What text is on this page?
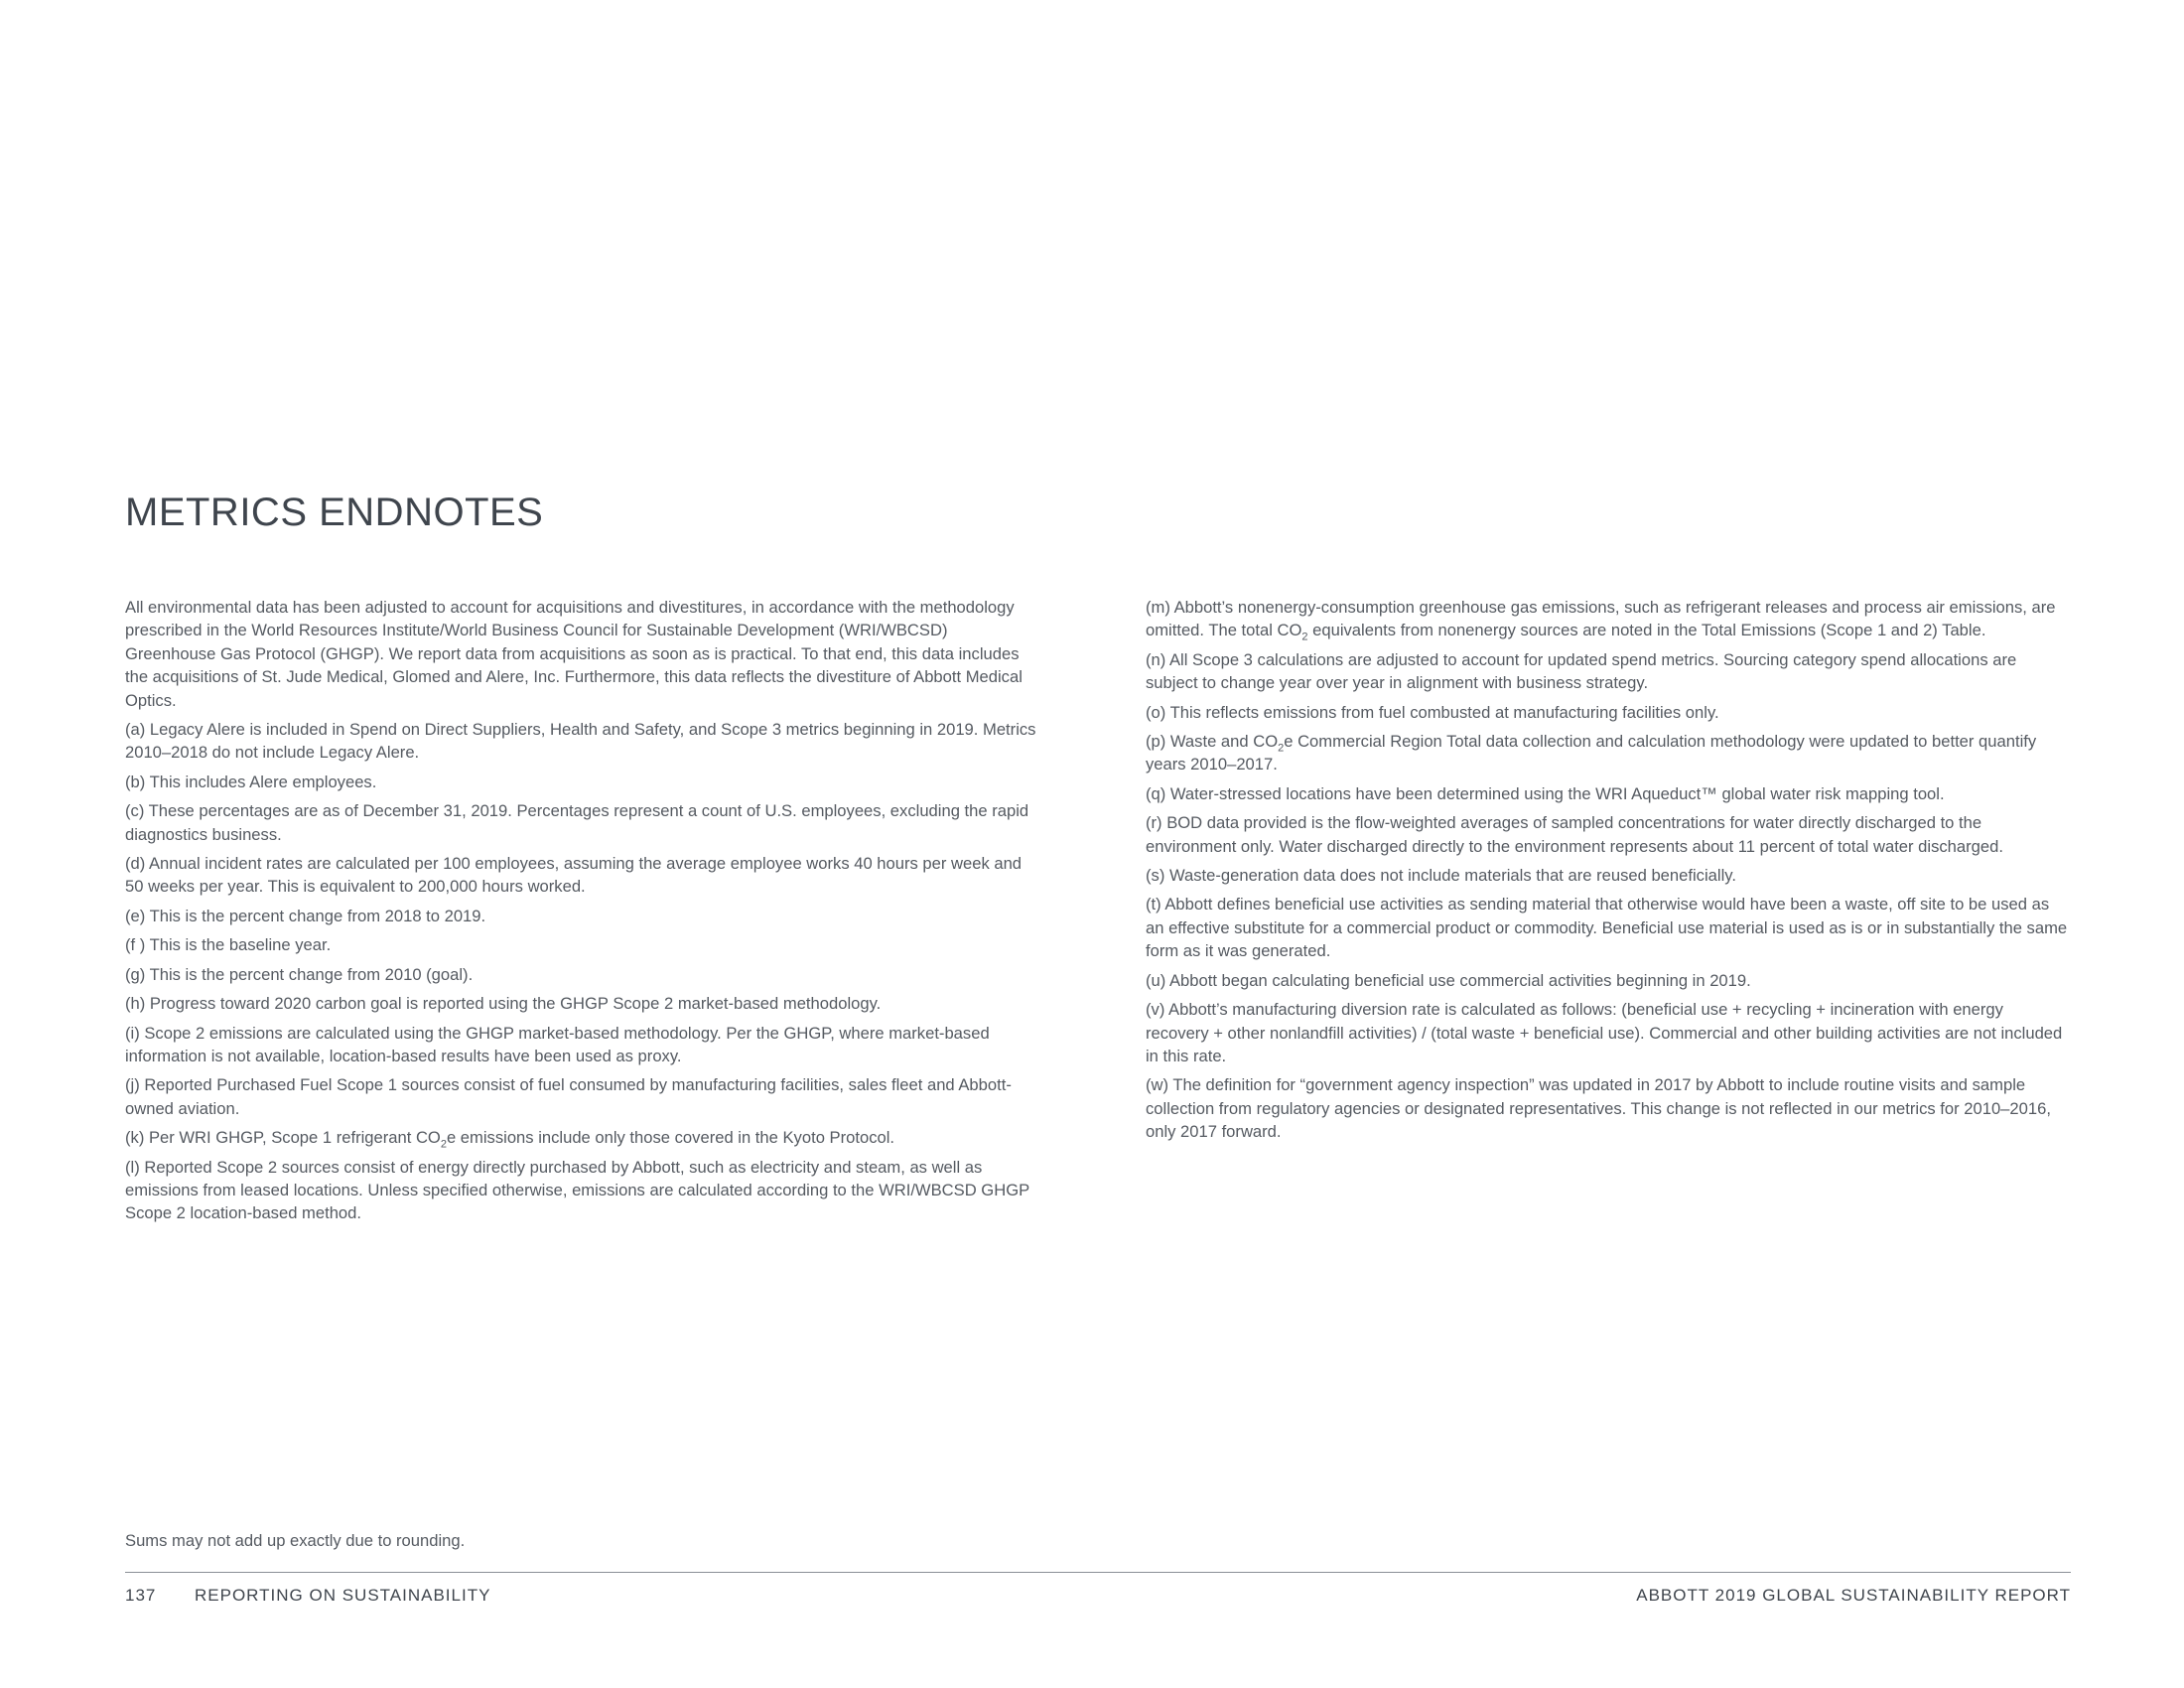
METRICS ENDNOTES

All environmental data has been adjusted to account for acquisitions and divestitures, in accordance with the methodology prescribed in the World Resources Institute/World Business Council for Sustainable Development (WRI/WBCSD) Greenhouse Gas Protocol (GHGP). We report data from acquisitions as soon as is practical. To that end, this data includes the acquisitions of St. Jude Medical, Glomed and Alere, Inc. Furthermore, this data reflects the divestiture of Abbott Medical Optics.

(a) Legacy Alere is included in Spend on Direct Suppliers, Health and Safety, and Scope 3 metrics beginning in 2019. Metrics 2010–2018 do not include Legacy Alere.

(b) This includes Alere employees.

(c) These percentages are as of December 31, 2019. Percentages represent a count of U.S. employees, excluding the rapid diagnostics business.

(d) Annual incident rates are calculated per 100 employees, assuming the average employee works 40 hours per week and 50 weeks per year. This is equivalent to 200,000 hours worked.

(e) This is the percent change from 2018 to 2019.

(f ) This is the baseline year.

(g) This is the percent change from 2010 (goal).

(h) Progress toward 2020 carbon goal is reported using the GHGP Scope 2 market-based methodology.

(i) Scope 2 emissions are calculated using the GHGP market-based methodology. Per the GHGP, where market-based information is not available, location-based results have been used as proxy.

(j) Reported Purchased Fuel Scope 1 sources consist of fuel consumed by manufacturing facilities, sales fleet and Abbott-owned aviation.

(k) Per WRI GHGP, Scope 1 refrigerant $CO_2e$ emissions include only those covered in the Kyoto Protocol.

(l) Reported Scope 2 sources consist of energy directly purchased by Abbott, such as electricity and steam, as well as emissions from leased locations. Unless specified otherwise, emissions are calculated according to the WRI/WBCSD GHGP Scope 2 location-based method.

(m) Abbott’s nonenergy-consumption greenhouse gas emissions, such as refrigerant releases and process air emissions, are omitted. The total $CO_2$ equivalents from nonenergy sources are noted in the Total Emissions (Scope 1 and 2) Table.

(n) All Scope 3 calculations are adjusted to account for updated spend metrics. Sourcing category spend allocations are subject to change year over year in alignment with business strategy.

(o) This reflects emissions from fuel combusted at manufacturing facilities only.

(p) Waste and $CO_2e$ Commercial Region Total data collection and calculation methodology were updated to better quantify years 2010–2017.

(q) Water-stressed locations have been determined using the WRI Aqueduct™ global water risk mapping tool.

(r) BOD data provided is the flow-weighted averages of sampled concentrations for water directly discharged to the environment only. Water discharged directly to the environment represents about 11 percent of total water discharged.

(s) Waste-generation data does not include materials that are reused beneficially.

(t) Abbott defines beneficial use activities as sending material that otherwise would have been a waste, off site to be used as an effective substitute for a commercial product or commodity. Beneficial use material is used as is or in substantially the same form as it was generated.

(u) Abbott began calculating beneficial use commercial activities beginning in 2019.

(v) Abbott’s manufacturing diversion rate is calculated as follows: (beneficial use + recycling + incineration with energy recovery + other nonlandfill activities) / (total waste + beneficial use). Commercial and other building activities are not included in this rate.

(w) The definition for “government agency inspection” was updated in 2017 by Abbott to include routine visits and sample collection from regulatory agencies or designated representatives. This change is not reflected in our metrics for 2010–2016, only 2017 forward.

Sums may not add up exactly due to rounding.

137 REPORTING ON SUSTAINABILITY	ABBOTT 2019 GLOBAL SUSTAINABILITY REPORT
